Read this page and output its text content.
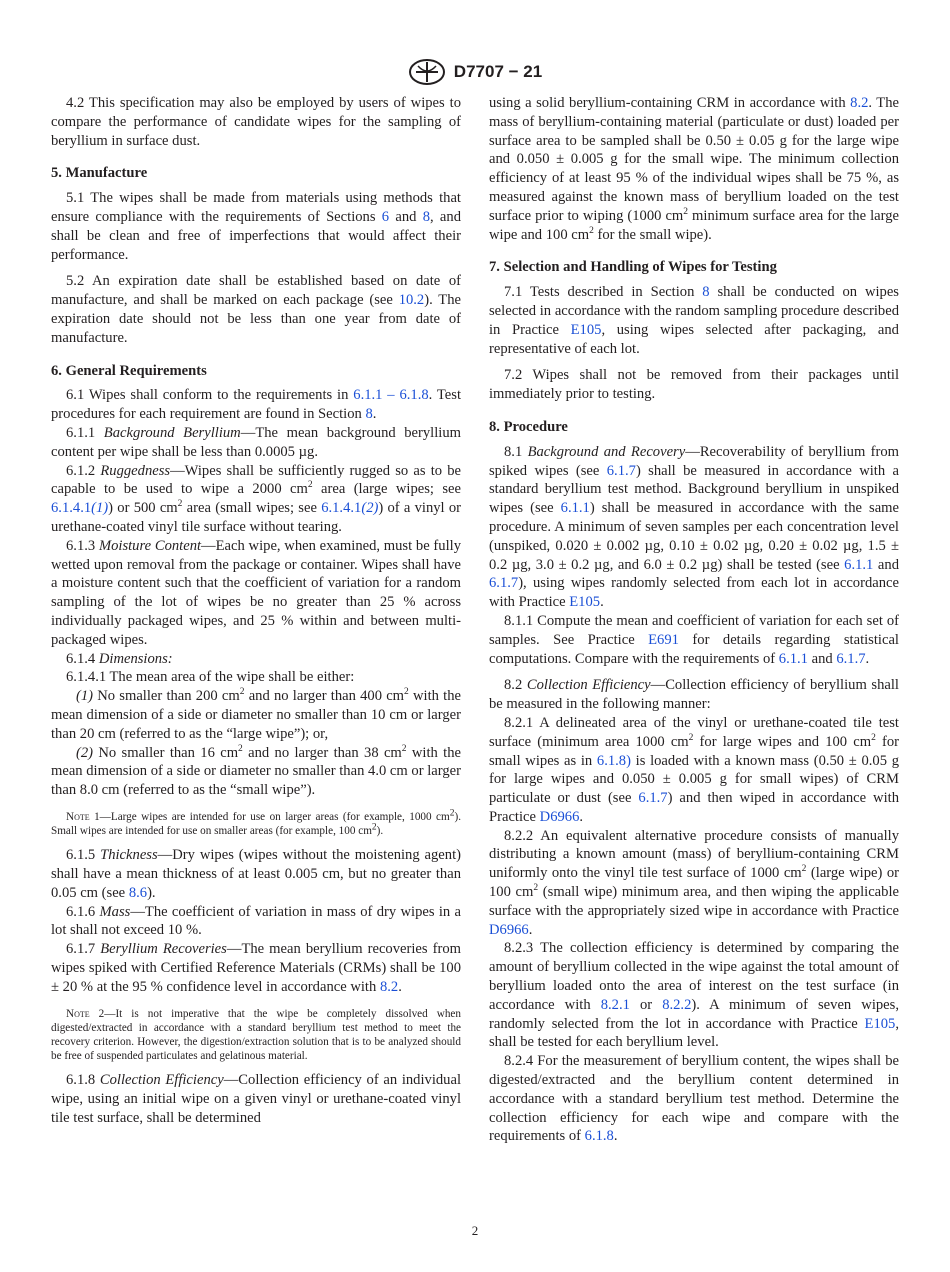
D7707 − 21

4.2 This specification may also be employed by users of wipes to compare the performance of candidate wipes for the sampling of beryllium in surface dust.

5. Manufacture

5.1 The wipes shall be made from materials using methods that ensure compliance with the requirements of Sections 6 and 8, and shall be clean and free of imperfections that would affect their performance.

5.2 An expiration date shall be established based on date of manufacture, and shall be marked on each package (see 10.2). The expiration date should not be less than one year from date of manufacture.

6. General Requirements

6.1 Wipes shall conform to the requirements in 6.1.1 – 6.1.8. Test procedures for each requirement are found in Section 8.

6.1.1 Background Beryllium—The mean background beryllium content per wipe shall be less than 0.0005 µg.

6.1.2 Ruggedness—Wipes shall be sufficiently rugged so as to be capable to be used to wipe a 2000 $cm^2$ area (large wipes; see 6.1.4.1(1)) or 500 $cm^2$ area (small wipes; see 6.1.4.1(2)) of a vinyl or urethane-coated vinyl tile surface without tearing.

6.1.3 Moisture Content—Each wipe, when examined, must be fully wetted upon removal from the package or container. Wipes shall have a moisture content such that the coefficient of variation for a random sampling of the lot of wipes be no greater than 25 % across individually packaged wipes, and 25 % within and between multi-packaged wipes.

6.1.4 Dimensions:

6.1.4.1 The mean area of the wipe shall be either:

(1) No smaller than 200 $cm^2$ and no larger than 400 $cm^2$ with the mean dimension of a side or diameter no smaller than 10 cm or larger than 20 cm (referred to as the “large wipe”); or,

(2) No smaller than 16 $cm^2$ and no larger than 38 $cm^2$ with the mean dimension of a side or diameter no smaller than 4.0 cm or larger than 8.0 cm (referred to as the “small wipe”).

Note 1—Large wipes are intended for use on larger areas (for example, 1000 $cm^2$). Small wipes are intended for use on smaller areas (for example, 100 $cm^2$).

6.1.5 Thickness—Dry wipes (wipes without the moistening agent) shall have a mean thickness of at least 0.005 cm, but no greater than 0.05 cm (see 8.6).

6.1.6 Mass—The coefficient of variation in mass of dry wipes in a lot shall not exceed 10 %.

6.1.7 Beryllium Recoveries—The mean beryllium recoveries from wipes spiked with Certified Reference Materials (CRMs) shall be 100 ± 20 % at the 95 % confidence level in accordance with 8.2.

Note 2—It is not imperative that the wipe be completely dissolved when digested/extracted in accordance with a standard beryllium test method to meet the recovery criterion. However, the digestion/extraction solution that is to be analyzed should be free of suspended particulates and gelatinous material.

6.1.8 Collection Efficiency—Collection efficiency of an individual wipe, using an initial wipe on a given vinyl or urethane-coated vinyl tile test surface, shall be determined

using a solid beryllium-containing CRM in accordance with 8.2. The mass of beryllium-containing material (particulate or dust) loaded per surface area to be sampled shall be 0.50 ± 0.05 g for the large wipe and 0.050 ± 0.005 g for the small wipe. The minimum collection efficiency of at least 95 % of the individual wipes shall be 75 %, as measured against the known mass of beryllium loaded on the test surface prior to wiping (1000 $cm^2$ minimum surface area for the large wipe and 100 $cm^2$ for the small wipe).

7. Selection and Handling of Wipes for Testing

7.1 Tests described in Section 8 shall be conducted on wipes selected in accordance with the random sampling procedure described in Practice E105, using wipes selected after packaging, and representative of each lot.

7.2 Wipes shall not be removed from their packages until immediately prior to testing.

8. Procedure

8.1 Background and Recovery—Recoverability of beryllium from spiked wipes (see 6.1.7) shall be measured in accordance with a standard beryllium test method. Background beryllium in unspiked wipes (see 6.1.1) shall be measured in accordance with the same procedure. A minimum of seven samples per each concentration level (unspiked, 0.020 ± 0.002 µg, 0.10 ± 0.02 µg, 0.20 ± 0.02 µg, 1.5 ± 0.2 µg, 3.0 ± 0.2 µg, and 6.0 ± 0.2 µg) shall be tested (see 6.1.1 and 6.1.7), using wipes randomly selected from each lot in accordance with Practice E105.

8.1.1 Compute the mean and coefficient of variation for each set of samples. See Practice E691 for details regarding statistical computations. Compare with the requirements of 6.1.1 and 6.1.7.

8.2 Collection Efficiency—Collection efficiency of beryllium shall be measured in the following manner:

8.2.1 A delineated area of the vinyl or urethane-coated tile test surface (minimum area 1000 $cm^2$ for large wipes and 100 $cm^2$ for small wipes as in 6.1.8) is loaded with a known mass (0.50 ± 0.05 g for large wipes and 0.050 ± 0.005 g for small wipes) of CRM particulate or dust (see 6.1.7) and then wiped in accordance with Practice D6966.

8.2.2 An equivalent alternative procedure consists of manually distributing a known amount (mass) of beryllium-containing CRM uniformly onto the vinyl tile test surface of 1000 $cm^2$ (large wipe) or 100 $cm^2$ (small wipe) minimum area, and then wiping the applicable surface with the appropriately sized wipe in accordance with Practice D6966.

8.2.3 The collection efficiency is determined by comparing the amount of beryllium collected in the wipe against the total amount of beryllium loaded onto the area of interest on the test surface (in accordance with 8.2.1 or 8.2.2). A minimum of seven wipes, randomly selected from the lot in accordance with Practice E105, shall be tested for each beryllium level.

8.2.4 For the measurement of beryllium content, the wipes shall be digested/extracted and the beryllium content determined in accordance with a standard beryllium test method. Determine the collection efficiency for each wipe and compare with the requirements of 6.1.8.

2
